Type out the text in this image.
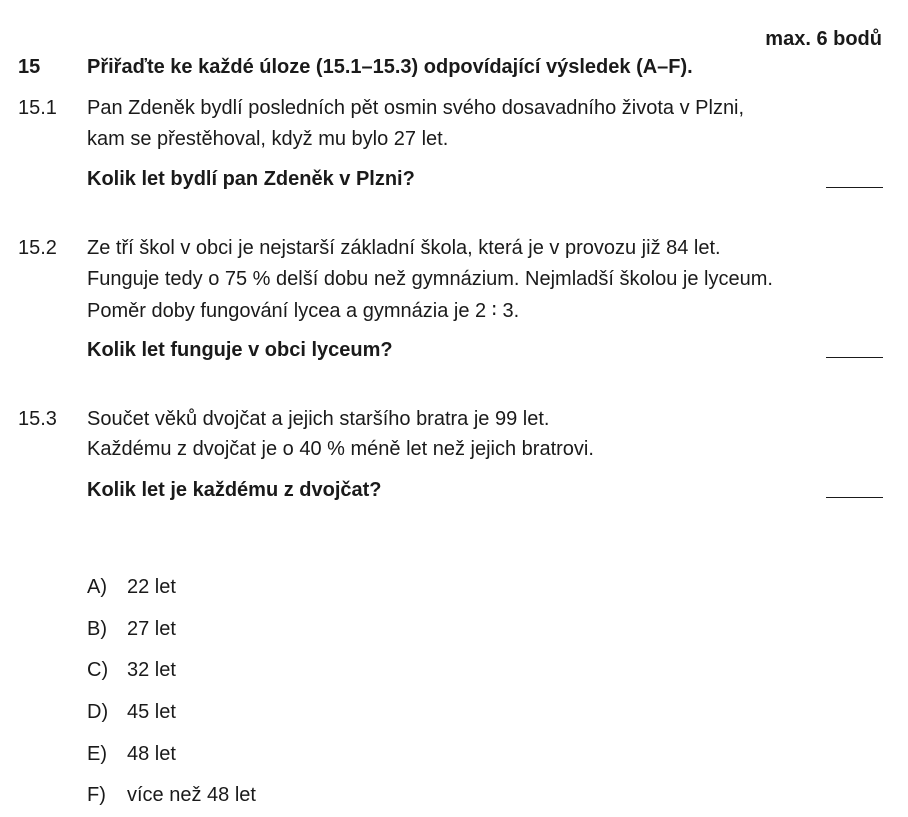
max. 6 bodů
15 Přiřaďte ke každé úloze (15.1–15.3) odpovídající výsledek (A–F).
15.1 Pan Zdeněk bydlí posledních pět osmin svého dosavadního života v Plzni,
kam se přestěhoval, když mu bylo 27 let.
Kolik let bydlí pan Zdeněk v Plzni?
15.2 Ze tří škol v obci je nejstarší základní škola, která je v provozu již 84 let.
Funguje tedy o 75 % delší dobu než gymnázium. Nejmladší školou je lyceum.
Poměr doby fungování lycea a gymnázia je 2 ∶ 3.
Kolik let funguje v obci lyceum?
15.3 Součet věků dvojčat a jejich staršího bratra je 99 let.
Každému z dvojčat je o 40 % méně let než jejich bratrovi.
Kolik let je každému z dvojčat?
A) 22 let
B) 27 let
C) 32 let
D) 45 let
E) 48 let
F) více než 48 let
